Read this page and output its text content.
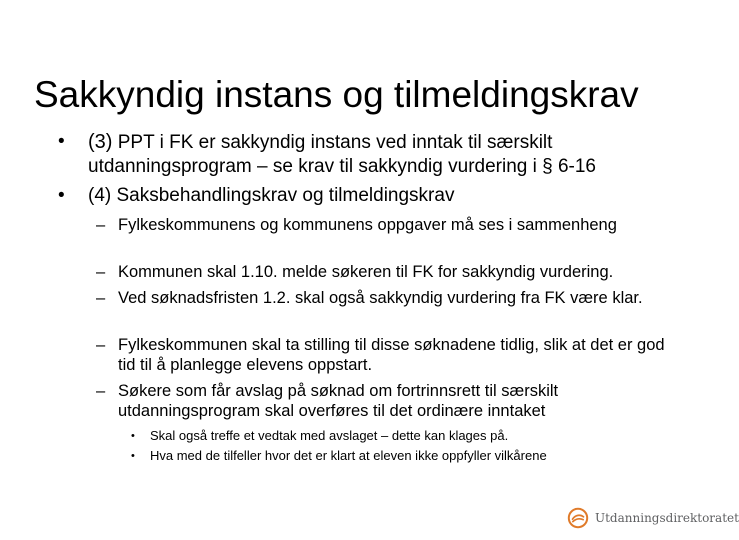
Sakkyndig instans og tilmeldingskrav
• (3) PPT i FK er sakkyndig instans ved inntak til særskilt utdanningsprogram – se krav til sakkyndig vurdering i § 6-16
• (4) Saksbehandlingskrav og tilmeldingskrav
– Fylkeskommunens og kommunens oppgaver må ses i sammenheng
– Kommunen skal 1.10. melde søkeren til FK for sakkyndig vurdering.
– Ved søknadsfristen 1.2. skal også sakkyndig vurdering fra FK være klar.
– Fylkeskommunen skal ta stilling til disse søknadene tidlig, slik at det er god tid til å planlegge elevens oppstart.
– Søkere som får avslag på søknad om fortrinnsrett til særskilt utdanningsprogram skal overføres til det ordinære inntaket
• Skal også treffe et vedtak med avslaget – dette kan klages på.
• Hva med de tilfeller hvor det er klart at eleven ikke oppfyller vilkårene
Utdanningsdirektoratet
